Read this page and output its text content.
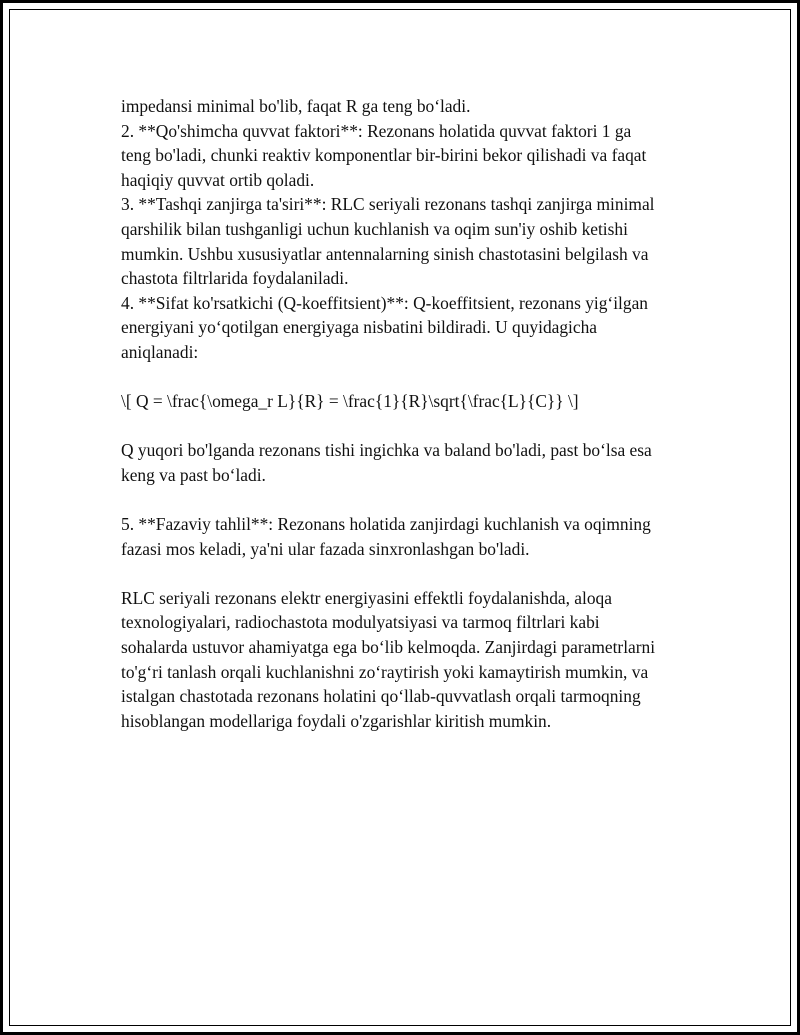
impedansi minimal bo'lib, faqat R ga teng bo‘ladi.
2. **Qo'shimcha quvvat faktori**: Rezonans holatida quvvat faktori 1 ga
teng bo'ladi, chunki reaktiv komponentlar bir-birini bekor qilishadi va faqat
haqiqiy quvvat ortib qoladi.
3. **Tashqi zanjirga ta'siri**: RLC seriyali rezonans tashqi zanjirga minimal
qarshilik bilan tushganligi uchun kuchlanish va oqim sun'iy oshib ketishi
mumkin. Ushbu xususiyatlar antennalarning sinish chastotasini belgilash va
chastota filtrlarida foydalaniladi.
4. **Sifat ko'rsatkichi (Q-koeffitsient)**: Q-koeffitsient, rezonans yig‘ilgan
energiyani yo‘qotilgan energiyaga nisbatini bildiradi. U quyidagicha
aniqlanadi:
\[ Q = \frac{\omega_r L}{R} = \frac{1}{R}\sqrt{\frac{L}{C}} \]
Q yuqori bo'lganda rezonans tishi ingichka va baland bo'ladi, past bo‘lsa esa
keng va past bo‘ladi.
5. **Fazaviy tahlil**: Rezonans holatida zanjirdagi kuchlanish va oqimning
fazasi mos keladi, ya'ni ular fazada sinxronlashgan bo'ladi.
RLC seriyali rezonans elektr energiyasini effektli foydalanishda, aloqa
texnologiyalari, radiochastota modulyatsiyasi va tarmoq filtrlari kabi
sohalarda ustuvor ahamiyatga ega bo‘lib kelmoqda. Zanjirdagi parametrlarni
to'g‘ri tanlash orqali kuchlanishni zo‘raytirish yoki kamaytirish mumkin, va
istalgan chastotada rezonans holatini qo‘llab-quvvatlash orqali tarmoqning
hisoblangan modellariga foydali o'zgarishlar kiritish mumkin.
